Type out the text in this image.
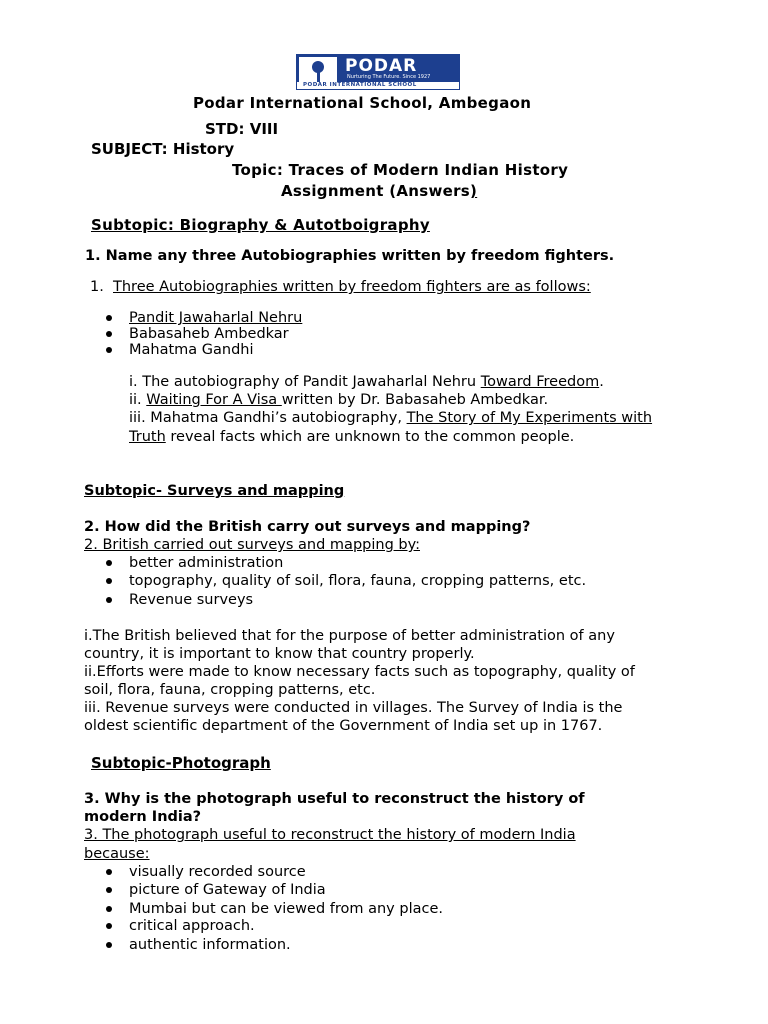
PODAR
Nurturing The Future. Since 1927
PODAR INTERNATIONAL SCHOOL
Podar International School, Ambegaon
STD: VIII
SUBJECT: History
Topic: Traces of Modern Indian History
Assignment (Answers)
Subtopic: Biography & Autotboigraphy
1. Name any three Autobiographies written by freedom fighters.
1. Three Autobiographies written by freedom fighters are as follows:
Pandit Jawaharlal Nehru
Babasaheb Ambedkar
Mahatma Gandhi
i. The autobiography of Pandit Jawaharlal Nehru Toward Freedom.
ii. Waiting For A Visa written by Dr. Babasaheb Ambedkar.
iii. Mahatma Gandhi’s autobiography, The Story of My Experiments with
Truth reveal facts which are unknown to the common people.
Subtopic- Surveys and mapping
2. How did the British carry out surveys and mapping?
2. British carried out surveys and mapping by:
better administration
topography, quality of soil, flora, fauna, cropping patterns, etc.
Revenue surveys
i.The British believed that for the purpose of better administration of any
country, it is important to know that country properly.
ii.Efforts were made to know necessary facts such as topography, quality of
soil, flora, fauna, cropping patterns, etc.
iii. Revenue surveys were conducted in villages. The Survey of India is the
oldest scientific department of the Government of India set up in 1767.
Subtopic-Photograph
3. Why is the photograph useful to reconstruct the history of
modern India?
3. The photograph useful to reconstruct the history of modern India
because:
visually recorded source
picture of Gateway of India
Mumbai but can be viewed from any place.
critical approach.
authentic information.
